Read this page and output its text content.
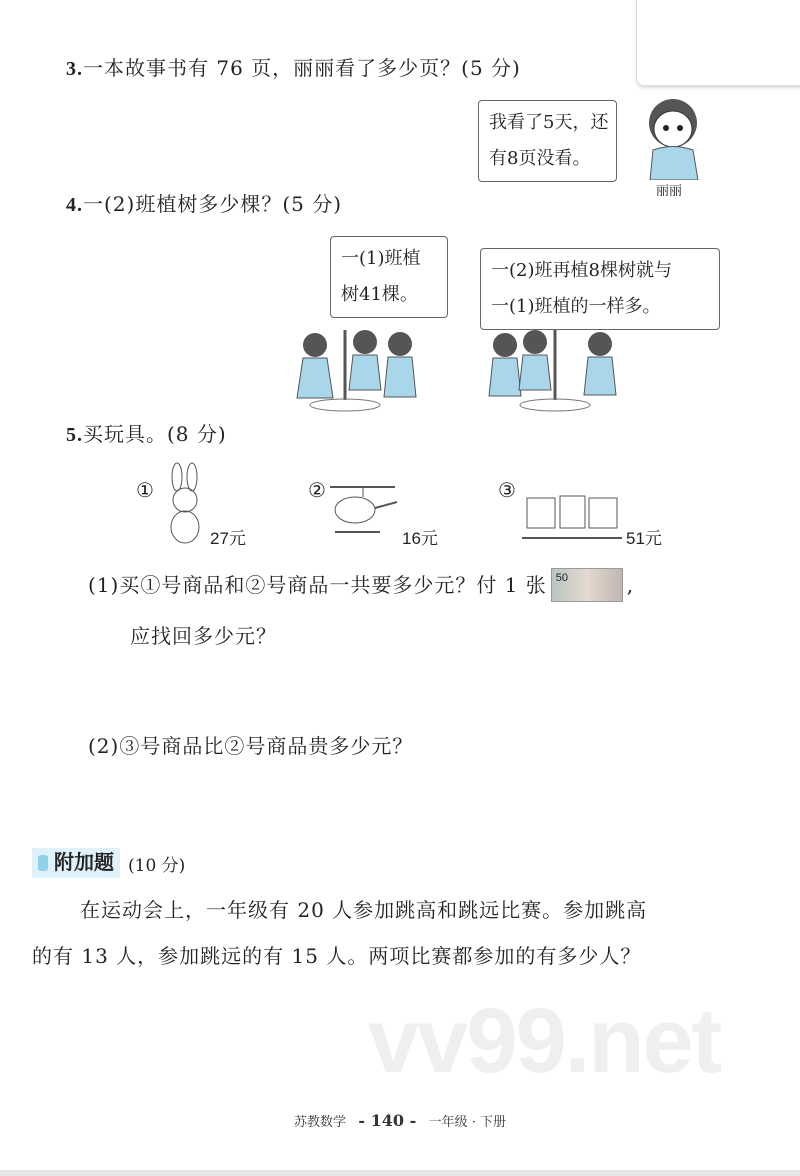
3.一本故事书有 76 页，丽丽看了多少页？(5 分)
我看了5天，还
有8页没看。
丽丽
4.一(2)班植树多少棵？(5 分)
一(1)班植
树41棵。
一(2)班再植8棵树就与
一(1)班植的一样多。
5.买玩具。(8 分)
①
27元
②
16元
③
51元
(1)买①号商品和②号商品一共要多少元？付 1 张 50	,
应找回多少元？
(2)③号商品比②号商品贵多少元？
附加题 (10 分)
在运动会上，一年级有 20 人参加跳高和跳远比赛。参加跳高
的有 13 人，参加跳远的有 15 人。两项比赛都参加的有多少人？
vv99.net
苏教数学 - 140 - 一年级 · 下册
